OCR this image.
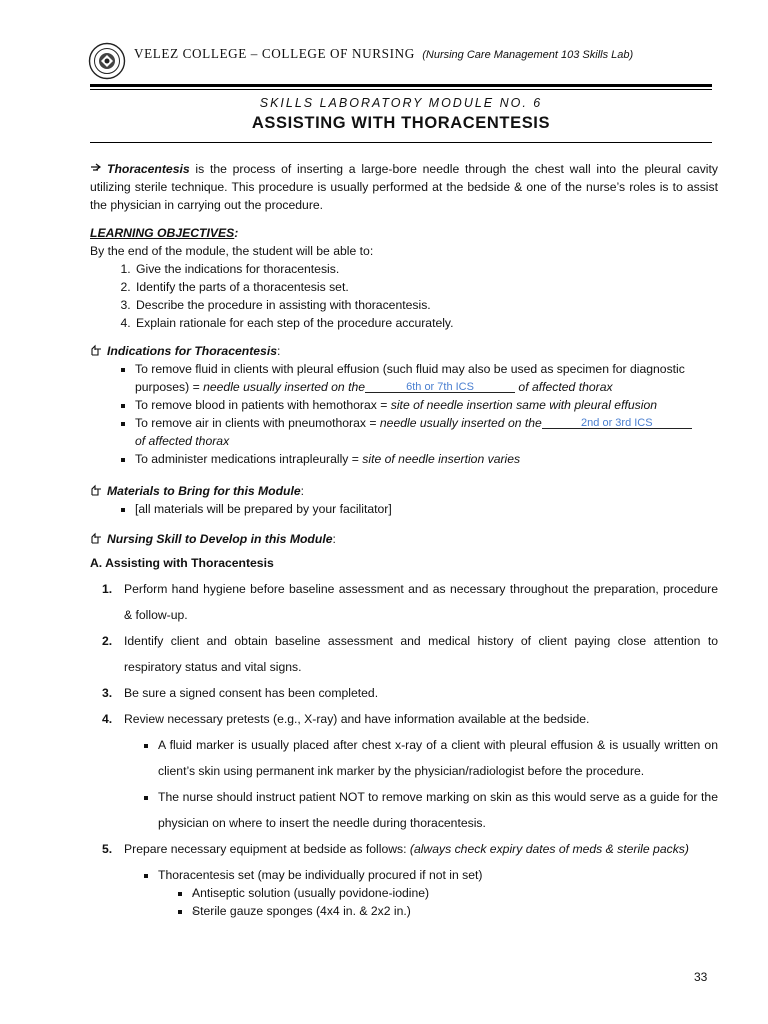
VELEZ COLLEGE – COLLEGE OF NURSING (Nursing Care Management 103 Skills Lab)
SKILLS LABORATORY MODULE NO. 6
ASSISTING WITH THORACENTESIS

Thoracentesis is the process of inserting a large-bore needle through the chest wall into the pleural cavity utilizing sterile technique. This procedure is usually performed at the bedside & one of the nurse’s roles is to assist the physician in carrying out the procedure.

LEARNING OBJECTIVES:

By the end of the module, the student will be able to:

1. Give the indications for thoracentesis.
2. Identify the parts of a thoracentesis set.
3. Describe the procedure in assisting with thoracentesis.
4. Explain rationale for each step of the procedure accurately.

Indications for Thoracentesis:

▪ To remove fluid in clients with pleural effusion (such fluid may also be used as specimen for diagnostic purposes) = needle usually inserted on the	6th or 7th ICS	of affected thorax
▪ To remove blood in patients with hemothorax = site of needle insertion same with pleural effusion
▪ To remove air in clients with pneumothorax = needle usually inserted on the	2nd or 3rd ICS

of affected thorax
▪ To administer medications intrapleurally = site of needle insertion varies

Materials to Bring for this Module:

▪ [all materials will be prepared by your facilitator]

Nursing Skill to Develop in this Module:

A. Assisting with Thoracentesis

1. Perform hand hygiene before baseline assessment and as necessary throughout the preparation, procedure & follow-up.
2. Identify client and obtain baseline assessment and medical history of client paying close attention to respiratory status and vital signs.
3. Be sure a signed consent has been completed.
4. Review necessary pretests (e.g., X-ray) and have information available at the bedside.
▪ A fluid marker is usually placed after chest x-ray of a client with pleural effusion & is usually written on client’s skin using permanent ink marker by the physician/radiologist before the procedure.
▪ The nurse should instruct patient NOT to remove marking on skin as this would serve as a guide for the physician on where to insert the needle during thoracentesis.
5. Prepare necessary equipment at bedside as follows: (always check expiry dates of meds & sterile packs)
▪ Thoracentesis set (may be individually procured if not in set)
- ▪ Antiseptic solution (usually povidone-iodine)
- ▪ Sterile gauze sponges (4x4 in. & 2x2 in.)
33
